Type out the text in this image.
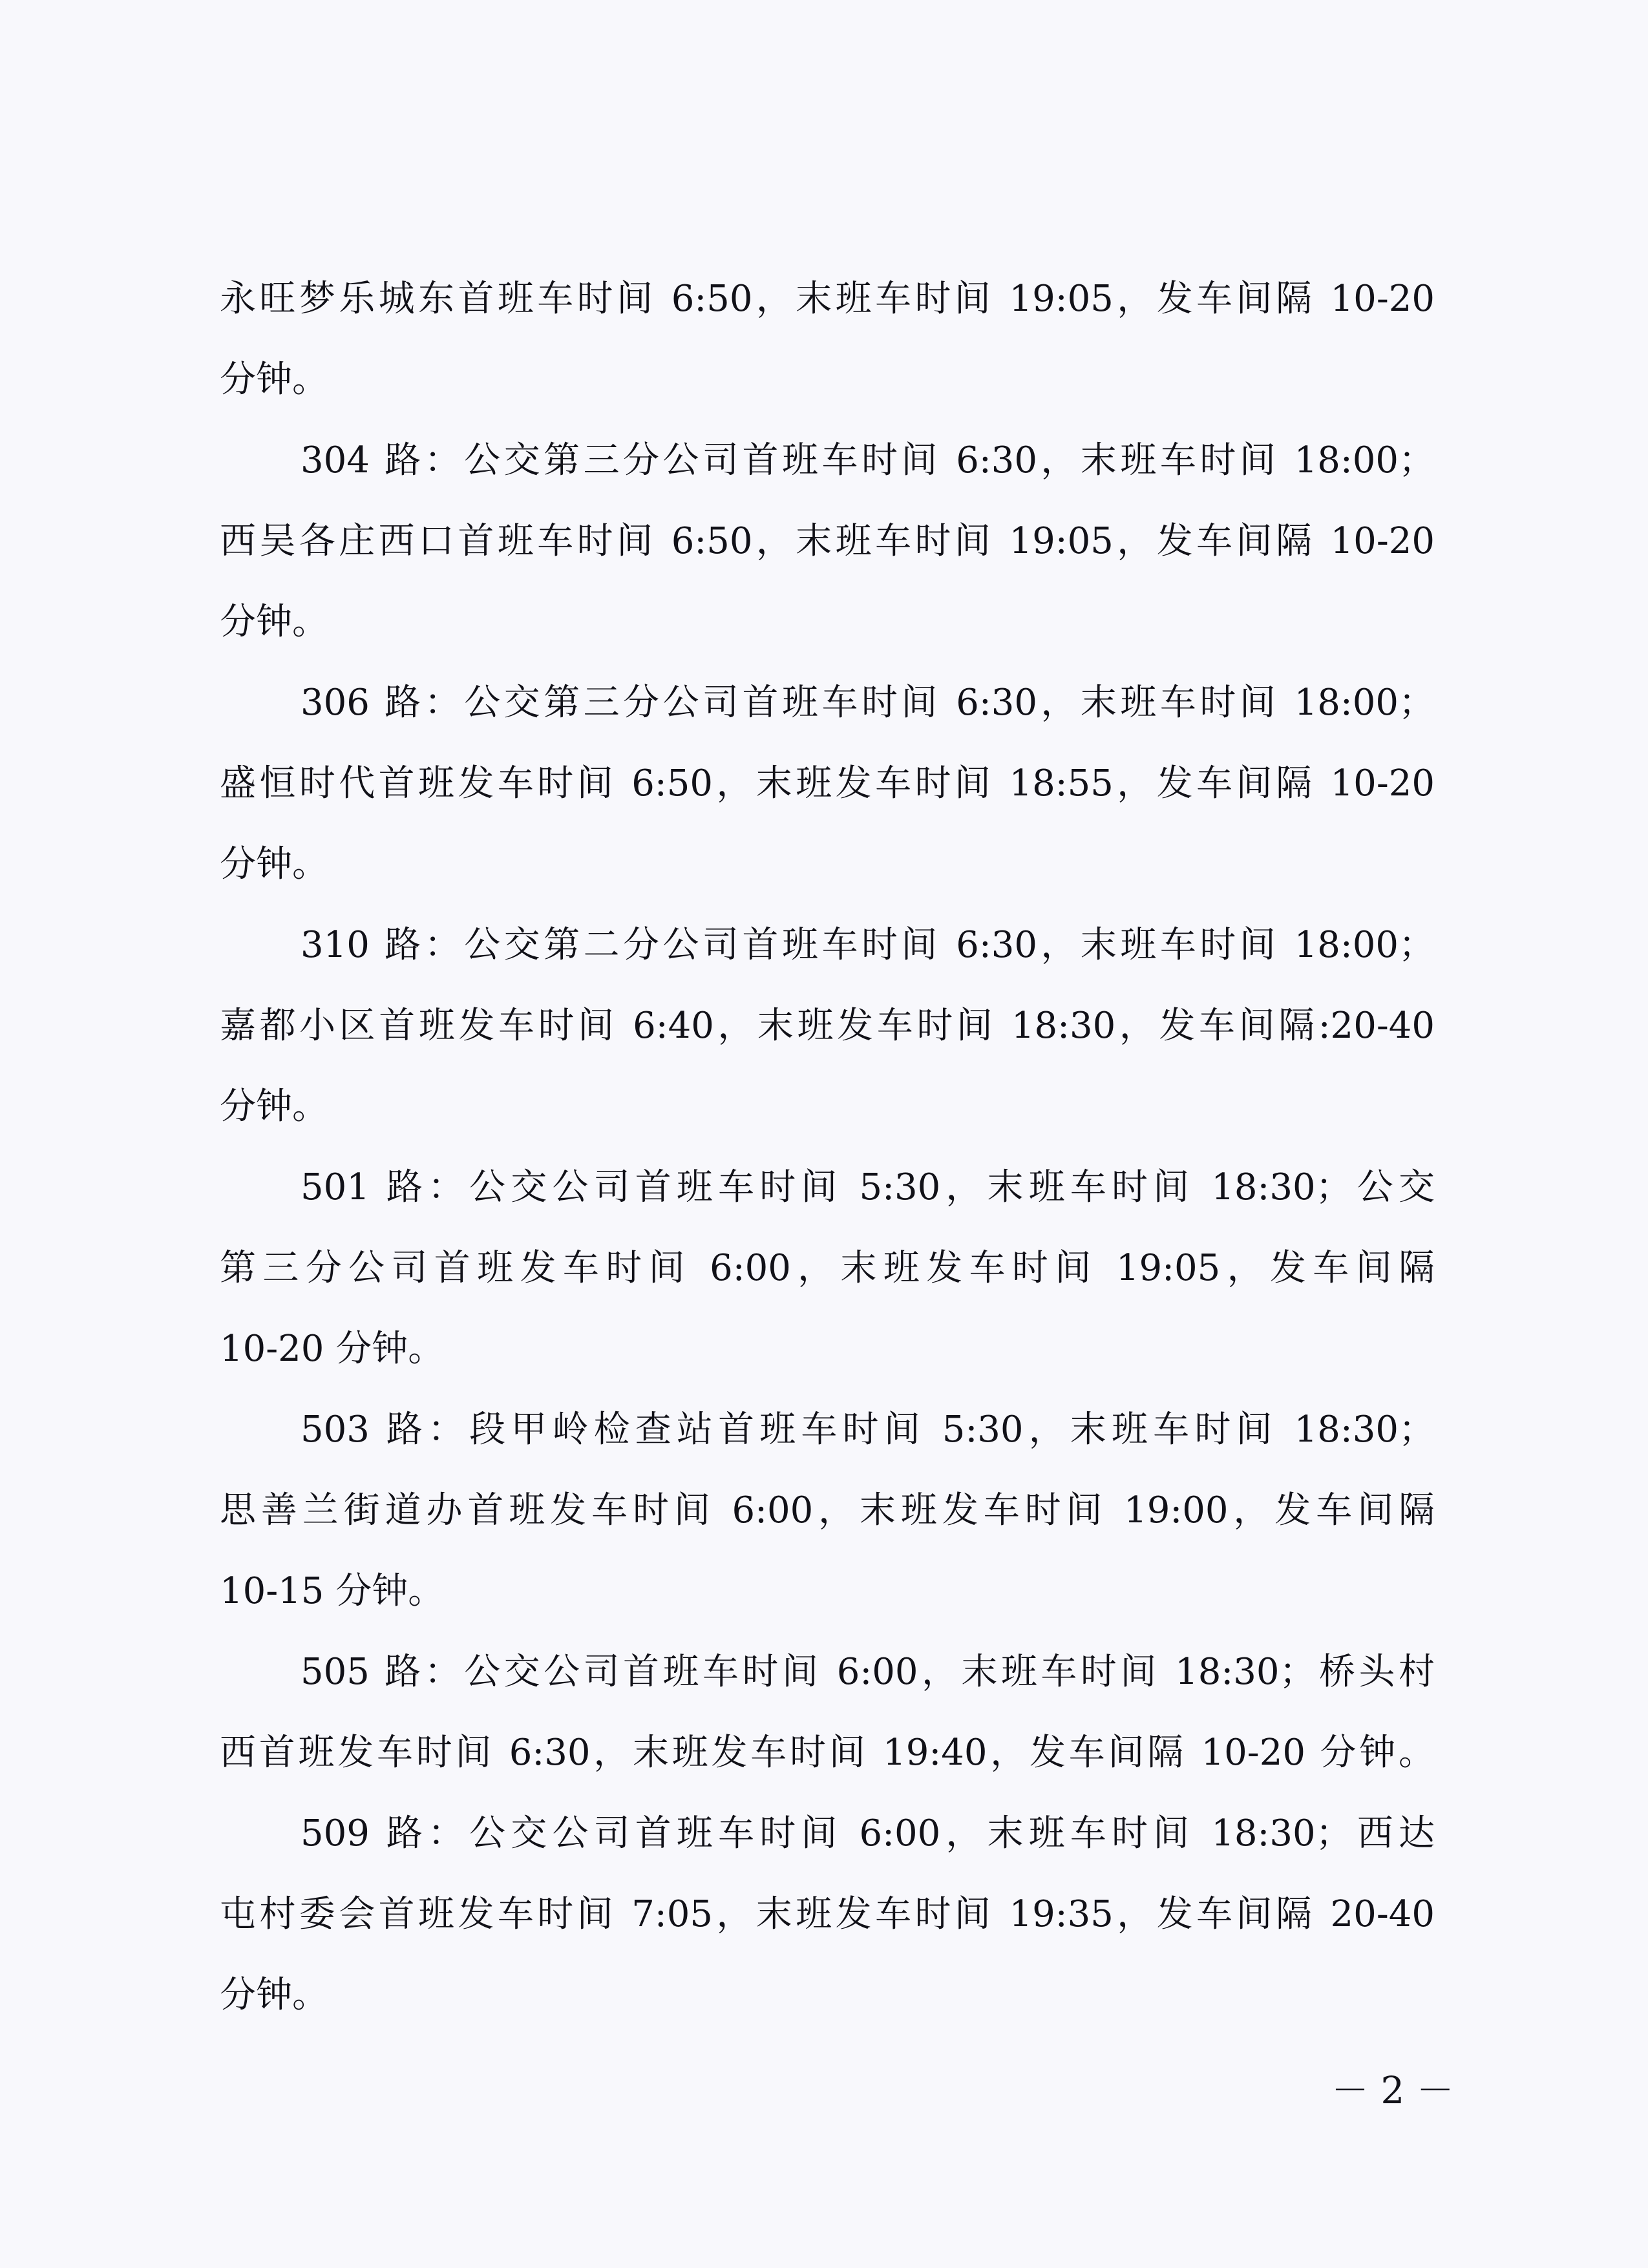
永旺梦乐城东首班车时间 6:50，末班车时间 19:05，发车间隔 10-20
分钟。
304 路：公交第三分公司首班车时间 6:30，末班车时间 18:00；
西吴各庄西口首班车时间 6:50，末班车时间 19:05，发车间隔 10-20
分钟。
306 路：公交第三分公司首班车时间 6:30，末班车时间 18:00；
盛恒时代首班发车时间 6:50，末班发车时间 18:55，发车间隔 10-20
分钟。
310 路：公交第二分公司首班车时间 6:30，末班车时间 18:00；
嘉都小区首班发车时间 6:40，末班发车时间 18:30，发车间隔:20-40
分钟。
501 路：公交公司首班车时间 5:30，末班车时间 18:30；公交
第三分公司首班发车时间 6:00，末班发车时间 19:05，发车间隔
10-20 分钟。
503 路：段甲岭检查站首班车时间 5:30，末班车时间 18:30；
思善兰街道办首班发车时间 6:00，末班发车时间 19:00，发车间隔
10-15 分钟。
505 路：公交公司首班车时间 6:00，末班车时间 18:30；桥头村
西首班发车时间 6:30，末班发车时间 19:40，发车间隔 10-20 分钟。
509 路：公交公司首班车时间 6:00，末班车时间 18:30；西达
屯村委会首班发车时间 7:05，末班发车时间 19:35，发车间隔 20-40
分钟。
－ 2 －
